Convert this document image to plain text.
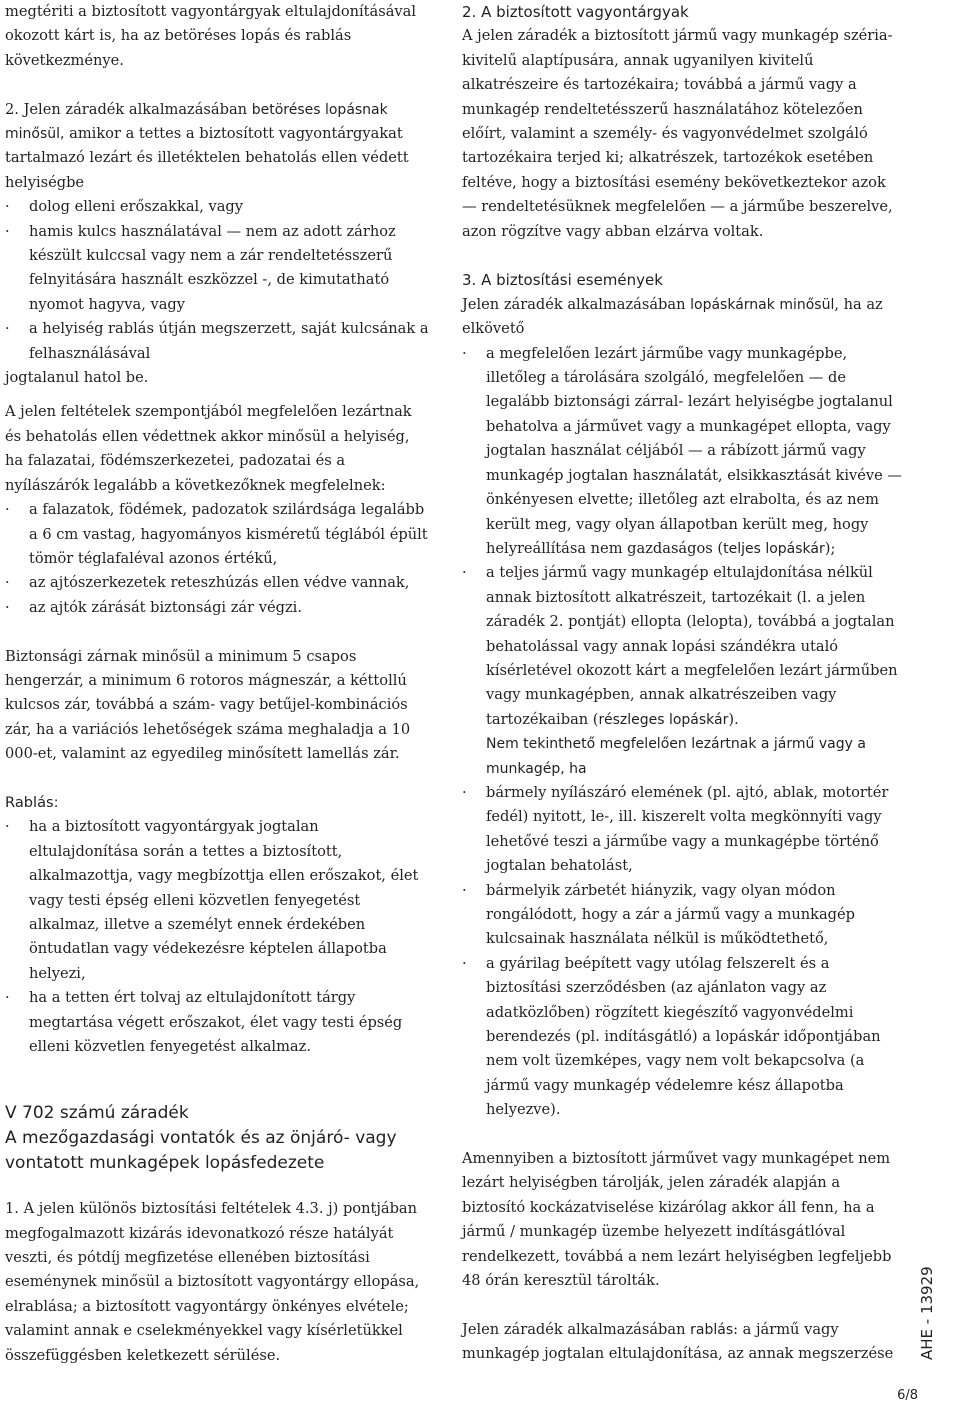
megtériti a biztosított vagyontárgyak eltulajdonításával okozott kárt is, ha az betöréses lopás és rablás következménye.

2. Jelen záradék alkalmazásában betöréses lopásnak minősül, amikor a tettes a biztosított vagyontárgyakat tartalmazó lezárt és illetéktelen behatolás ellen védett helyiségbe

· dolog elleni erőszakkal, vagy
· hamis kulcs használatával — nem az adott zárhoz készült kulccsal vagy nem a zár rendeltetésszerű felnyitására használt eszközzel -, de kimutatható nyomot hagyva, vagy
· a helyiség rablás útján megszerzett, saját kulcsának a felhasználásával

jogtalanul hatol be.

A jelen feltételek szempontjából megfelelően lezártnak és behatolás ellen védettnek akkor minősül a helyiség, ha falazatai, födémszerkezetei, padozatai és a nyílászárók legalább a következőknek megfelelnek:

· a falazatok, födémek, padozatok szilárdsága legalább a 6 cm vastag, hagyományos kisméretű téglából épült tömör téglafaléval azonos értékű,
· az ajtószerkezetek reteszhúzás ellen védve vannak,
· az ajtók zárását biztonsági zár végzi.

Biztonsági zárnak minősül a minimum 5 csapos hengerzár, a minimum 6 rotoros mágneszár, a kéttollú kulcsos zár, továbbá a szám- vagy betűjel-kombinációs zár, ha a variációs lehetőségek száma meghaladja a 10 000-et, valamint az egyedileg minősített lamellás zár.

Rablás:

· ha a biztosított vagyontárgyak jogtalan eltulajdonítása során a tettes a biztosított, alkalmazottja, vagy megbízottja ellen erőszakot, élet vagy testi épség elleni közvetlen fenyegetést alkalmaz, illetve a személyt ennek érdekében öntudatlan vagy védekezésre képtelen állapotba helyezi,
· ha a tetten ért tolvaj az eltulajdonított tárgy megtartása végett erőszakot, élet vagy testi épség elleni közvetlen fenyegetést alkalmaz.

V 702 számú záradék

A mezőgazdasági vontatók és az önjáró- vagy vontatott munkagépek lopásfedezete

1. A jelen különös biztosítási feltételek 4.3. j) pontjában megfogalmazott kizárás idevonatkozó része hatályát veszti, és pótdíj megfizetése ellenében biztosítási eseménynek minősül a biztosított vagyontárgy ellopása, elrablása; a biztosított vagyontárgy önkényes elvétele; valamint annak e cselekményekkel vagy kísérletükkel összefüggésben keletkezett sérülése.

2. A biztosított vagyontárgyak

A jelen záradék a biztosított jármű vagy munkagép széria-kivitelű alaptípusára, annak ugyanilyen kivitelű alkatrészeire és tartozékaira; továbbá a jármű vagy a munkagép rendeltetésszerű használatához kötelezően előírt, valamint a személy- és vagyonvédelmet szolgáló tartozékaira terjed ki; alkatrészek, tartozékok esetében feltéve, hogy a biztosítási esemény bekövetkeztekor azok — rendeltetésüknek megfelelően — a járműbe beszerelve, azon rögzítve vagy abban elzárva voltak.

3. A biztosítási események

Jelen záradék alkalmazásában lopáskárnak minősül, ha az elkövető

· a megfelelően lezárt járműbe vagy munkagépbe, illetőleg a tárolására szolgáló, megfelelően — de legalább biztonsági zárral- lezárt helyiségbe jogtalanul behatolva a járművet vagy a munkagépet ellopta, vagy jogtalan használat céljából — a rábízott jármű vagy munkagép jogtalan használatát, elsikkasztását kivéve — önkényesen elvette; illetőleg azt elrabolta, és az nem került meg, vagy olyan állapotban került meg, hogy helyreállítása nem gazdaságos (teljes lopáskár);
· a teljes jármű vagy munkagép eltulajdonítása nélkül annak biztosított alkatrészeit, tartozékait (l. a jelen záradék 2. pontját) ellopta (lelopta), továbbá a jogtalan behatolással vagy annak lopási szándékra utaló kísérletével okozott kárt a megfelelően lezárt járműben vagy munkagépben, annak alkatrészeiben vagy tartozékaiban (részleges lopáskár).

Nem tekinthető megfelelően lezártnak a jármű vagy a munkagép, ha

· bármely nyílászáró elemének (pl. ajtó, ablak, motortér fedél) nyitott, le-, ill. kiszerelt volta megkönnyíti vagy lehetővé teszi a járműbe vagy a munkagépbe történő jogtalan behatolást,
· bármelyik zárbetét hiányzik, vagy olyan módon rongálódott, hogy a zár a jármű vagy a munkagép kulcsainak használata nélkül is működtethető,
· a gyárilag beépített vagy utólag felszerelt és a biztosítási szerződésben (az ajánlaton vagy az adatközlőben) rögzített kiegészítő vagyonvédelmi berendezés (pl. indításgátló) a lopáskár időpontjában nem volt üzemképes, vagy nem volt bekapcsolva (a jármű vagy munkagép védelemre kész állapotba helyezve).

Amennyiben a biztosított járművet vagy munkagépet nem lezárt helyiségben tárolják, jelen záradék alapján a biztosító kockázatviselése kizárólag akkor áll fenn, ha a jármű / munkagép üzembe helyezett indításgátlóval rendelkezett, továbbá a nem lezárt helyiségben legfeljebb 48 órán keresztül tárolták.

Jelen záradék alkalmazásában rablás: a jármű vagy munkagép jogtalan eltulajdonítása, az annak megszerzése	AHE - 13929
6/8
